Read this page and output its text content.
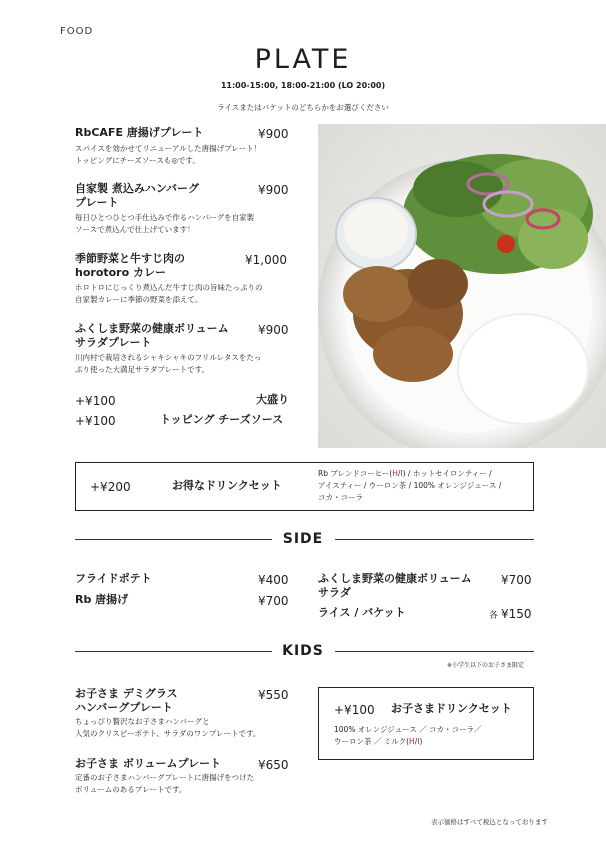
FOOD
PLATE
11:00-15:00, 18:00-21:00 (LO 20:00)
ライスまたはバケットのどちらかをお選びください
RbCAFE 唐揚げプレート	¥900
スパイスを効かせてリニューアルした唐揚げプレート！
トッピングにチーズソースも◎です。
自家製 煮込みハンバーグ
プレート
¥900
毎日ひとつひとつ手仕込みで作るハンバーグを自家製
ソースで煮込んで仕上げています！
季節野菜と牛すじ肉の
horotoro カレー
¥1,000
ホロトロにじっくり煮込んだ牛すじ肉の旨味たっぷりの
自家製カレーに季節の野菜を添えて。
ふくしま野菜の健康ボリューム
サラダプレート
¥900
川内村で栽培されるシャキシャキのフリルレタスをたっ
ぷり使った大満足サラダプレートです。
+¥100	大盛り
+¥100	トッピング チーズソース
+¥200	お得なドリンクセット
Rb ブレンドコーヒー(H/I) / ホットセイロンティー /
アイスティー / ウーロン茶 / 100% オレンジジュース /
コカ・コーラ
SIDE
フライドポテト	¥400
Rb 唐揚げ	¥700
ふくしま野菜の健康ボリューム
サラダ
¥700
ライス / バケット	各 ¥150
KIDS
※小学生以下のお子さま限定
お子さま デミグラス
ハンバーグプレート
¥550
ちょっぴり贅沢なお子さまハンバーグと
人気のクリスピーポテト、サラダのワンプレートです。
お子さま ボリュームプレート	¥650
定番のお子さまハンバーグプレートに唐揚げをつけた
ボリュームのあるプレートです。
+¥100 お子さまドリンクセット
100% オレンジジュース ／ コカ・コーラ／
ウーロン茶 ／ ミルク(H/I)
表示価格はすべて税込となっております
